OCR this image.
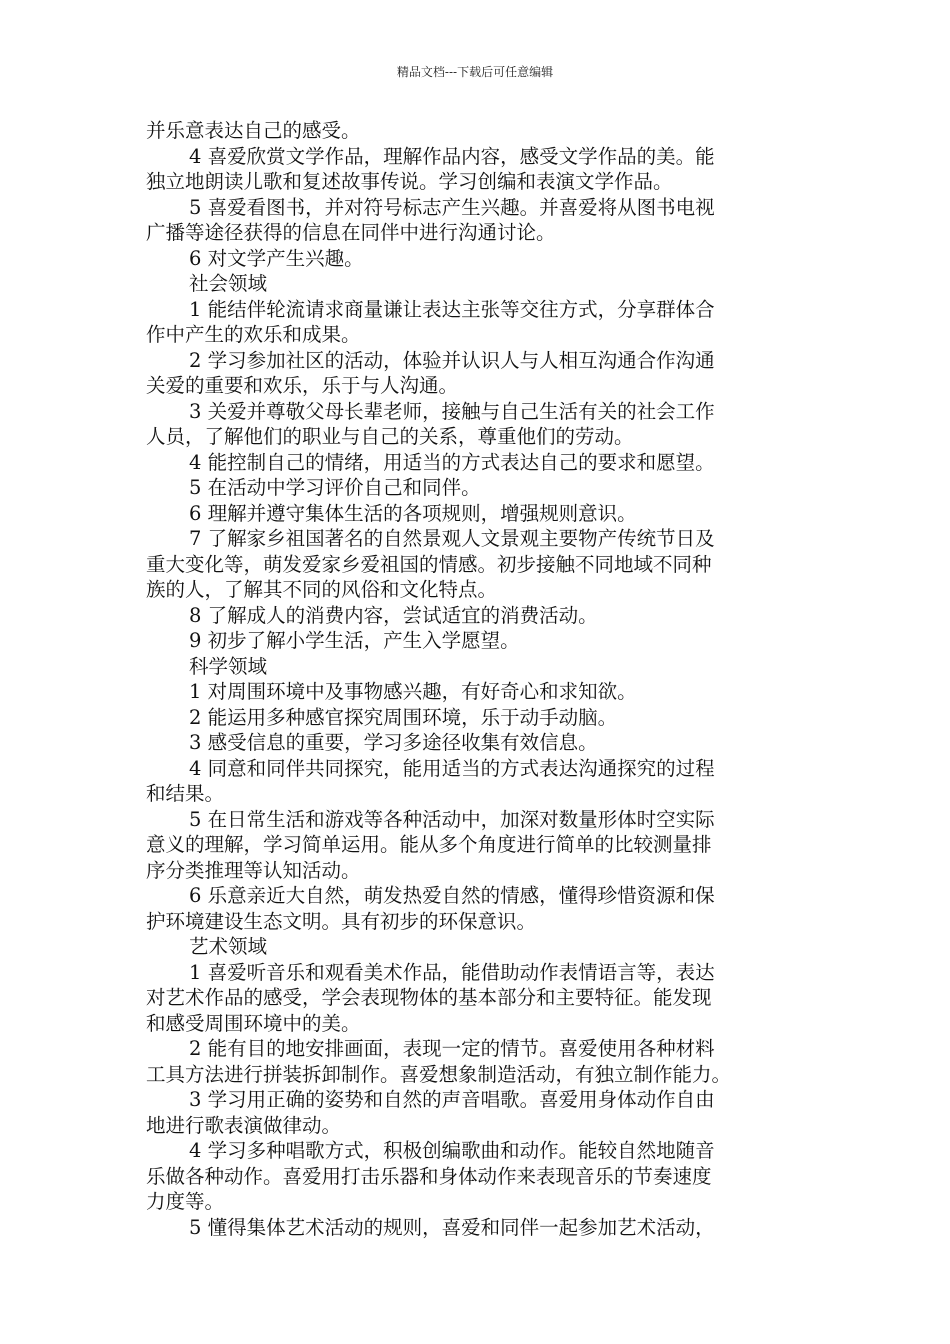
精品文档---下载后可任意编辑
并乐意表达自己的感受。
4 喜爱欣赏文学作品，理解作品内容，感受文学作品的美。能
独立地朗读儿歌和复述故事传说。学习创编和表演文学作品。
5 喜爱看图书，并对符号标志产生兴趣。并喜爱将从图书电视
广播等途径获得的信息在同伴中进行沟通讨论。
6 对文学产生兴趣。
社会领域
1 能结伴轮流请求商量谦让表达主张等交往方式，分享群体合
作中产生的欢乐和成果。
2 学习参加社区的活动，体验并认识人与人相互沟通合作沟通
关爱的重要和欢乐，乐于与人沟通。
3 关爱并尊敬父母长辈老师，接触与自己生活有关的社会工作
人员，了解他们的职业与自己的关系，尊重他们的劳动。
4 能控制自己的情绪，用适当的方式表达自己的要求和愿望。
5 在活动中学习评价自己和同伴。
6 理解并遵守集体生活的各项规则，增强规则意识。
7 了解家乡祖国著名的自然景观人文景观主要物产传统节日及
重大变化等，萌发爱家乡爱祖国的情感。初步接触不同地域不同种
族的人，了解其不同的风俗和文化特点。
8 了解成人的消费内容，尝试适宜的消费活动。
9 初步了解小学生活，产生入学愿望。
科学领域
1 对周围环境中及事物感兴趣，有好奇心和求知欲。
2 能运用多种感官探究周围环境，乐于动手动脑。
3 感受信息的重要，学习多途径收集有效信息。
4 同意和同伴共同探究，能用适当的方式表达沟通探究的过程
和结果。
5 在日常生活和游戏等各种活动中，加深对数量形体时空实际
意义的理解，学习简单运用。能从多个角度进行简单的比较测量排
序分类推理等认知活动。
6 乐意亲近大自然，萌发热爱自然的情感，懂得珍惜资源和保
护环境建设生态文明。具有初步的环保意识。
艺术领域
1 喜爱听音乐和观看美术作品，能借助动作表情语言等，表达
对艺术作品的感受，学会表现物体的基本部分和主要特征。能发现
和感受周围环境中的美。
2 能有目的地安排画面，表现一定的情节。喜爱使用各种材料
工具方法进行拼装拆卸制作。喜爱想象制造活动，有独立制作能力。
3 学习用正确的姿势和自然的声音唱歌。喜爱用身体动作自由
地进行歌表演做律动。
4 学习多种唱歌方式，积极创编歌曲和动作。能较自然地随音
乐做各种动作。喜爱用打击乐器和身体动作来表现音乐的节奏速度
力度等。
5 懂得集体艺术活动的规则，喜爱和同伴一起参加艺术活动，
